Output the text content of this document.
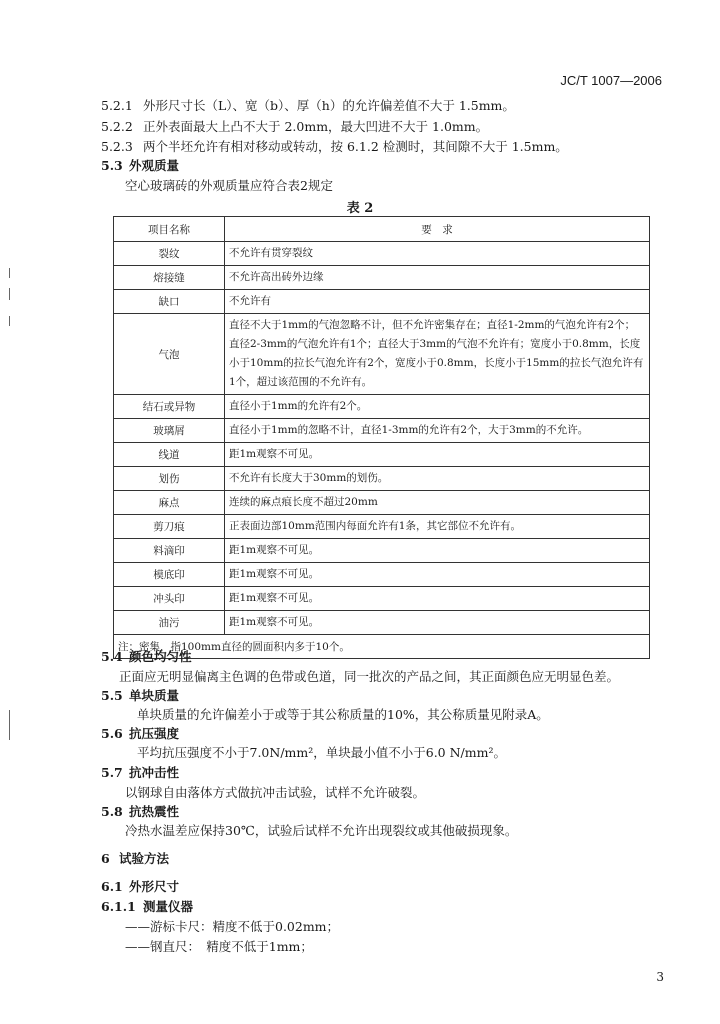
JC/T 1007—2006
5.2.1 外形尺寸长（L）、宽（b）、厚（h）的允许偏差值不大于 1.5mm。
5.2.2 正外表面最大上凸不大于 2.0mm，最大凹进不大于 1.0mm。
5.2.3 两个半坯允许有相对移动或转动，按 6.1.2 检测时，其间隙不大于 1.5mm。
5.3 外观质量
空心玻璃砖的外观质量应符合表2规定
表 2
项目名称	要　求
裂纹	不允许有贯穿裂纹
熔接缝	不允许高出砖外边缘
缺口	不允许有
气泡	直径不大于1mm的气泡忽略不计，但不允许密集存在；直径1-2mm的气泡允许有2个；直径2-3mm的气泡允许有1个；直径大于3mm的气泡不允许有；宽度小于0.8mm，长度小于10mm的拉长气泡允许有2个，宽度小于0.8mm，长度小于15mm的拉长气泡允许有1个，超过该范围的不允许有。
结石或异物	直径小于1mm的允许有2个。
玻璃屑	直径小于1mm的忽略不计，直径1-3mm的允许有2个，大于3mm的不允许。
线道	距1m观察不可见。
划伤	不允许有长度大于30mm的划伤。
麻点	连续的麻点痕长度不超过20mm
剪刀痕	正表面边部10mm范围内每面允许有1条，其它部位不允许有。
料滴印	距1m观察不可见。
模底印	距1m观察不可见。
冲头印	距1m观察不可见。
油污	距1m观察不可见。
注：密集，指100mm直径的圆面积内多于10个。	
5.4 颜色均匀性
正面应无明显偏离主色调的色带或色道，同一批次的产品之间，其正面颜色应无明显色差。
5.5 单块质量
单块质量的允许偏差小于或等于其公称质量的10%，其公称质量见附录A。
5.6 抗压强度
平均抗压强度不小于7.0N/mm²，单块最小值不小于6.0 N/mm²。
5.7 抗冲击性
以钢球自由落体方式做抗冲击试验，试样不允许破裂。
5.8 抗热震性
冷热水温差应保持30℃，试验后试样不允许出现裂纹或其他破损现象。
6 试验方法
6.1 外形尺寸
6.1.1 测量仪器
——游标卡尺：精度不低于0.02mm；
——钢直尺：　精度不低于1mm；
3
